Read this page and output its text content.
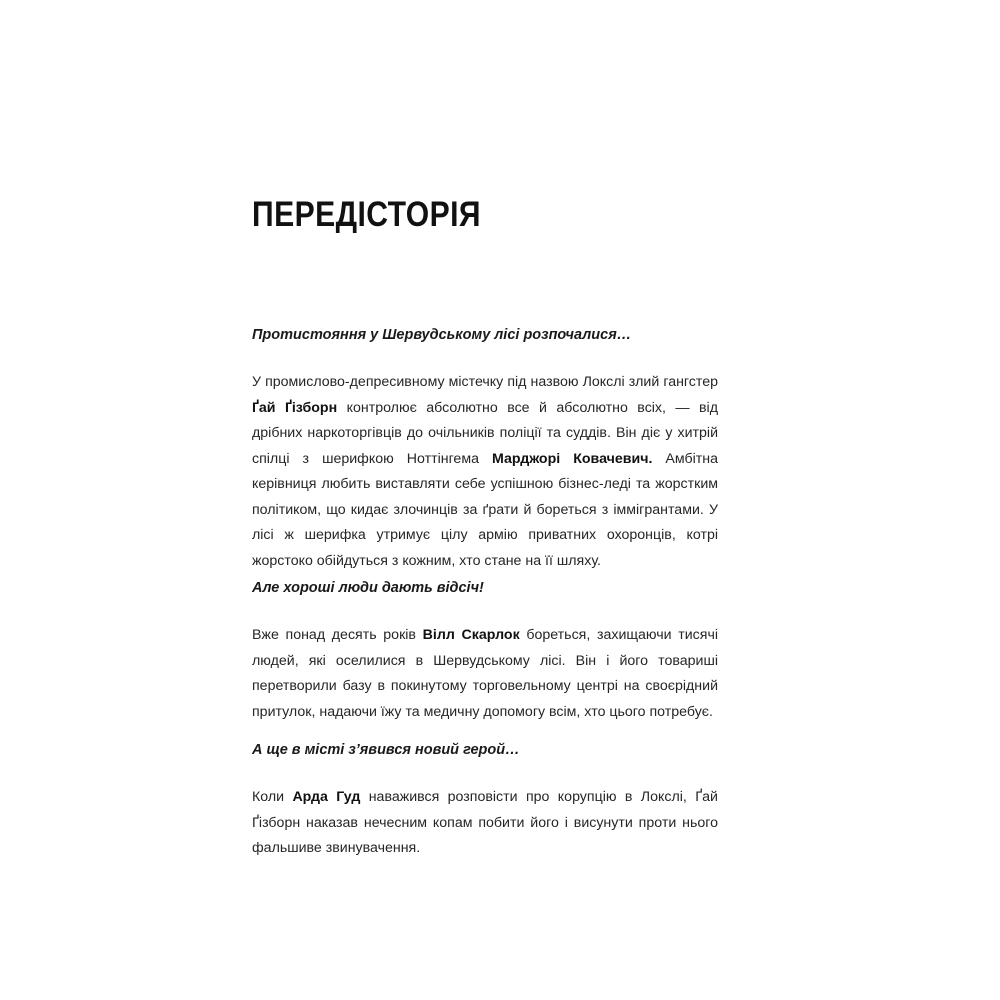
ПЕРЕДІСТОРІЯ
Протистояння у Шервудському лісі розпочалися…
У промислово-депресивному містечку під назвою Локслі злий гангстер Ґай Ґізборн контролює абсолютно все й абсолютно всіх, — від дрібних наркоторгівців до очільників поліції та суддів. Він діє у хитрій спілці з шерифкою Ноттінгема Марджорі Ковачевич. Амбітна керівниця любить виставляти себе успішною бізнес-леді та жорстким політиком, що кидає злочинців за ґрати й бореться з іммігрантами. У лісі ж шерифка утримує цілу армію приватних охоронців, котрі жорстоко обійдуться з кожним, хто стане на її шляху.
Але хороші люди дають відсіч!
Вже понад десять років Вілл Скарлок бореться, захищаючи тисячі людей, які оселилися в Шервудському лісі. Він і його товариші перетворили базу в покинутому торговельному центрі на своєрідний притулок, надаючи їжу та медичну допомогу всім, хто цього потребує.
А ще в місті з’явився новий герой…
Коли Арда Гуд наважився розповісти про корупцію в Локслі, Ґай Ґізборн наказав нечесним копам побити його і висунути проти нього фальшиве звинувачення.
